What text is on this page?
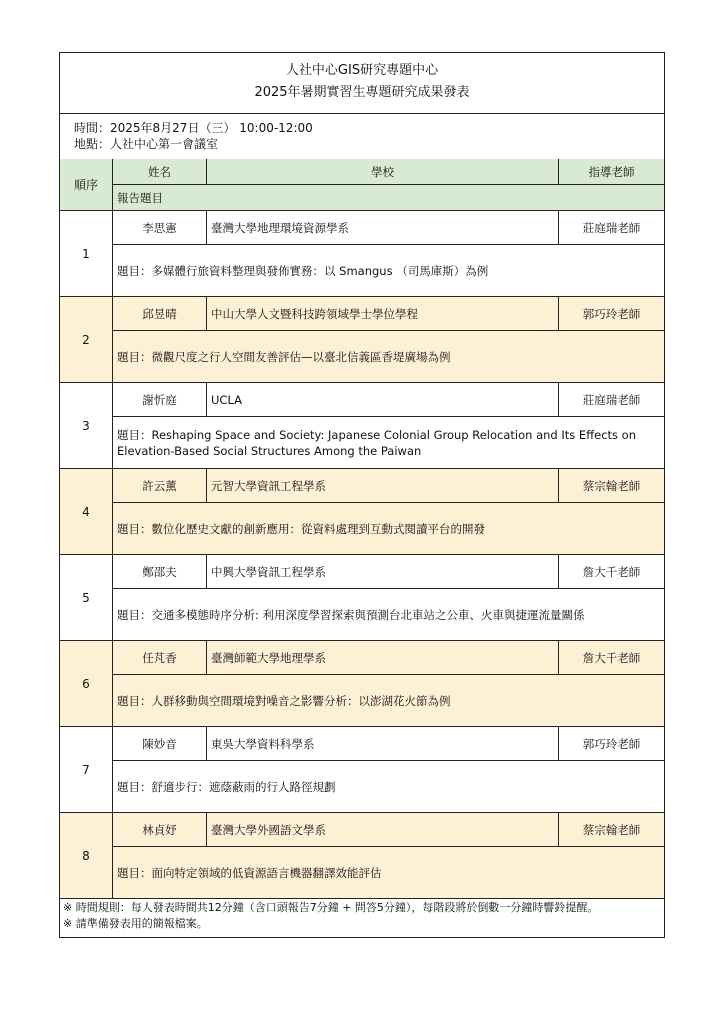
人社中心GIS研究專題中心
2025年暑期實習生專題研究成果發表
時間：2025年8月27日（三） 10:00-12:00
地點：人社中心第一會議室
順序
姓名	學校	指導老師
報告題目
1
李思憲	臺灣大學地理環境資源學系	莊庭瑞老師
題目：多媒體行旅資料整理與發佈實務：以 Smangus （司馬庫斯）為例
2
邱昱晴	中山大學人文暨科技跨領域學士學位學程	郭巧玲老師
題目：微觀尺度之行人空間友善評估—以臺北信義區香堤廣場為例
3
謝忻庭	UCLA	莊庭瑞老師
題目：Reshaping Space and Society: Japanese Colonial Group Relocation and Its Effects on Elevation-Based Social Structures Among the Paiwan
4
許云薰	元智大學資訊工程學系	蔡宗翰老師
題目：數位化歷史文獻的創新應用：從資料處理到互動式閱讀平台的開發
5
鄭邵夫	中興大學資訊工程學系	詹大千老師
題目：交通多模態時序分析: 利用深度學習探索與預測台北車站之公車、火車與捷運流量關係
6
任芃香	臺灣師範大學地理學系	詹大千老師
題目：人群移動與空間環境對噪音之影響分析：以澎湖花火節為例
7
陳妙音	東吳大學資料科學系	郭巧玲老師
題目：舒適步行：遮蔭蔽雨的行人路徑規劃
8
林貞妤	臺灣大學外國語文學系	蔡宗翰老師
題目：面向特定領域的低資源語言機器翻譯效能評估
※ 時間規則：每人發表時間共12分鐘（含口頭報告7分鐘 + 問答5分鐘），每階段將於倒數一分鐘時響鈴提醒。
※ 請準備發表用的簡報檔案。
